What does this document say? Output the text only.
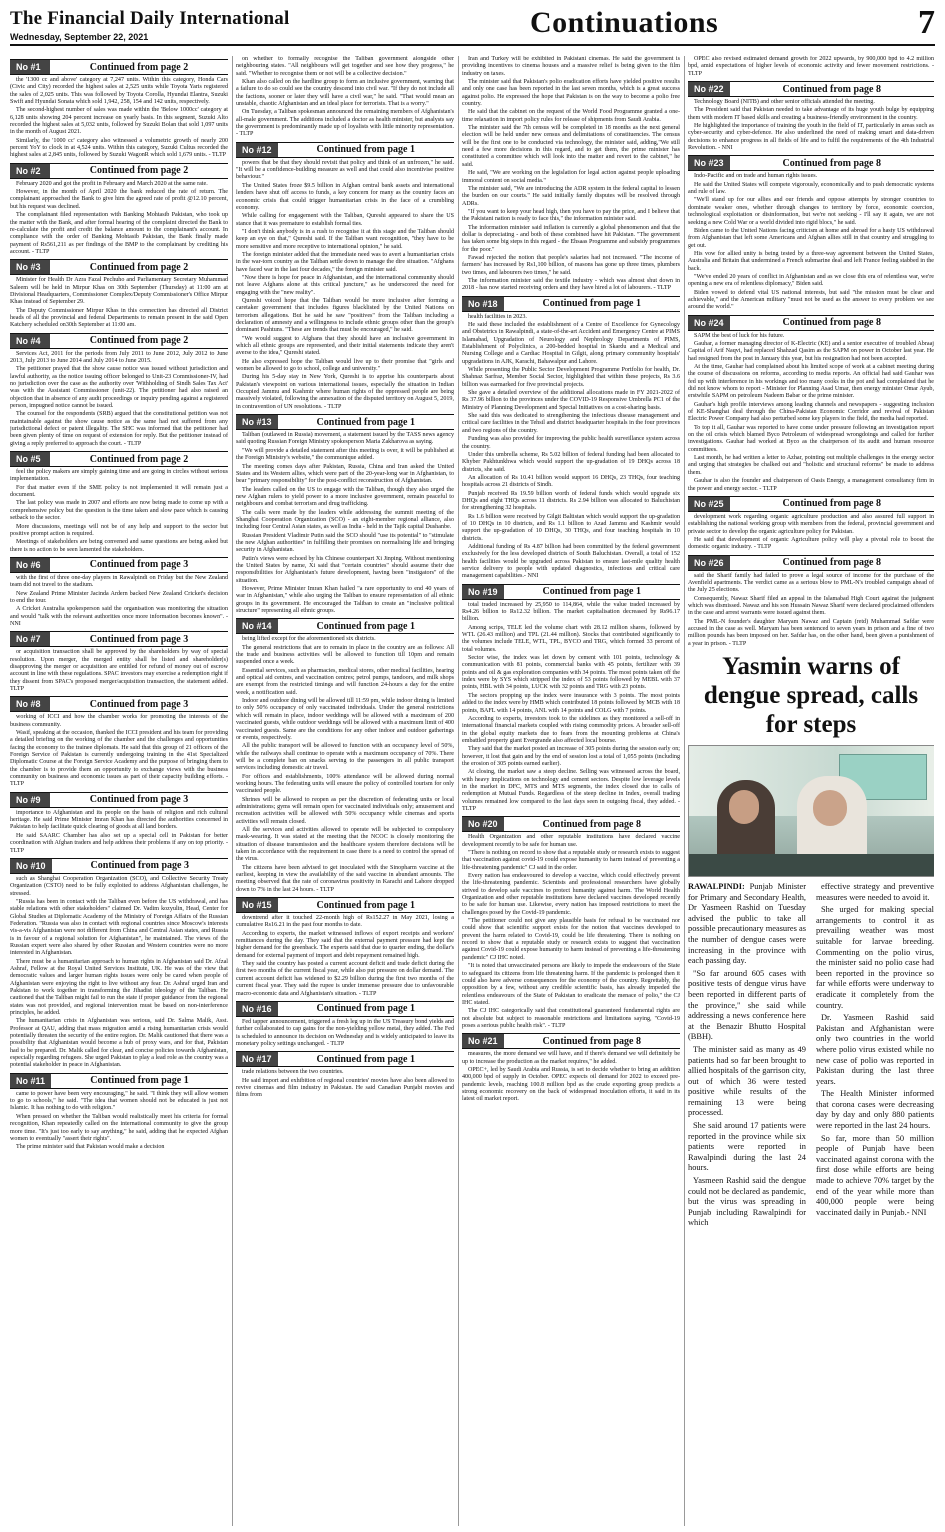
The Financial Daily International
Wednesday, September 22, 2021	Continuations	7
No #1	Continued from page 2

the '1300 cc and above' category at 7,247 units. Within this category, Honda Cars (Civic and City) recorded the highest sales at 2,525 units while Toyota Yaris registered the sales of 2,025 units. This was followed by Toyota Corolla, Hyundai Elantra, Suzuki Swift and Hyundai Sonata which sold 1,942, 258, 154 and 142 units, respectively.

The second-highest number of sales was made within the 'Below 1000cc' category at 6,128 units showing 204 percent increase on yearly basis. In this segment, Suzuki Alto recorded the highest sales at 5,032 units, followed by Suzuki Bolan that sold 1,097 units in the month of August 2021.

Similarly, the '1000 cc' category also witnessed a volumetric growth of nearly 200 percent YoY to clock in at 4,524 units. Within this category, Suzuki Cultus recorded the highest sales at 2,845 units, followed by Suzuki WagonR which sold 1,679 units. - TLTP

No #2	Continued from page 2

February 2020 and got the profit in February and March 2020 at the same rate.

However, in the month of April 2020 the bank reduced the rate of return. The complainant approached the Bank to give him the agreed rate of profit @12.10 percent, but his request was declined.

The complainant filed representation with Banking Mohtasib Pakistan, who took up the matter with the Bank, and after formal hearing of the complaint directed the Bank to re-calculate the profit and credit the balance amount to the complainant's account. In compliance with the order of Banking Mohtasib Pakistan, the Bank finally made payment of Rs561,211 as per findings of the BMP to the complainant by crediting his account. - TLTP

No #3	Continued from page 2

Minister for Health Dr Azra Fazal Pechuho and Parliamentary Secretary Muhammad Saleem will be held in Mirpur Khas on 30th September (Thursday) at 11:00 am at Divisional Headquarters, Commissioner Complex/Deputy Commissioner's Office Mirpur Khas instead of September 29.

The Deputy Commissioner Mirpur Khas in this connection has directed all District heads of all the provincial and federal Departments to remain present in the said Open Katchery scheduled on30th September at 11:00 am.

No #4	Continued from page 2

Services Act, 2011 for the periods from July 2011 to June 2012, July 2012 to June 2013, July 2013 to June 2014 and July 2014 to June 2015.

The petitioner prayed that the show cause notice was issued without jurisdiction and lawful authority, as the notice issuing officer belonged to Unit-23 Commissioner-IV, had no jurisdiction over the case as the authority over 'Withholding of Sindh Sales Tax Act' was with the Assistant Commissioner (unit-22). The petitioner had also raised an objection that in absence of any audit proceedings or inquiry pending against a registered person, impugned notice cannot be issued.

The counsel for the respondents (SRB) argued that the constitutional petition was not maintainable against the show cause notice as the same had not suffered from any jurisdictional defect or patent illegality. The SHC was informed that the petitioner had been given plenty of time on request of extension for reply. But the petitioner instead of giving a reply preferred to approach the court. - TLTP

No #5	Continued from page 2

feel the policy makers are simply gaining time and are going in circles without serious implementation.

For that matter even if the SME policy is not implemented it will remain just a document.

The last policy was made in 2007 and efforts are now being made to come up with a comprehensive policy but the question is the time taken and slow pace which is causing setback to the sector.

More discussions, meetings will not be of any help and support to the sector but positive prompt action is required.

Meetings of stakeholders are being convened and same questions are being asked but there is no action to be seen lamented the stakeholders.

No #6	Continued from page 3

with the first of three one-day players in Rawalpindi on Friday but the New Zealand team did not travel to the stadium.

New Zealand Prime Minister Jacinda Ardern backed New Zealand Cricket's decision to end the tour.

A Cricket Australia spokesperson said the organisation was monitoring the situation and would "talk with the relevant authorities once more information becomes known". - NNI

No #7	Continued from page 3

or acquisition transaction shall be approved by the shareholders by way of special resolution. Upon merger, the merged entity shall be listed and shareholder(s) disapproving the merger or acquisition are entitled for refund of money out of escrow account in line with these regulations. SPAC investors may exercise a redemption right if they dissent from SPAC's proposed merger/acquisition transaction, the statement added. TLTP

No #8	Continued from page 3

working of ICCI and how the chamber works for promoting the interests of the business community.

Wasif, speaking at the occasion, thanked the ICCI president and his team for providing a detailed briefing on the working of the chamber and the challenges and opportunities facing the economy to the trainee diplomats. He said that this group of 21 officers of the Foreign Service of Pakistan is currently undergoing training in the 41st Specialized Diplomatic Course at the Foreign Service Academy and the purpose of bringing them to the chamber is to provide them an opportunity to exchange views with the business community on business and economic issues as part of their capacity building efforts. - TLTP

No #9	Continued from page 3

importance to Afghanistan and its people on the basis of religion and rich cultural heritage. He said Prime Minister Imran Khan has directed the authorities concerned in Pakistan to help facilitate quick clearing of goods at all land borders.

He said SAARC Chamber has also set up a special cell in Pakistan for better coordination with Afghan traders and help address their problems if any on top priority. - TLTP

No #10	Continued from page 3

such as Shanghai Cooperation Organization (SCO), and Collective Security Treaty Organization (CSTO) need to be fully exploited to address Afghanistan challenges, he stressed.

"Russia has been in contact with the Taliban even before the US withdrawal, and has stable relations with other stakeholders" claimed Dr. Vadim kozyulin, Head, Center for Global Studies at Diplomatic Academy of the Ministry of Foreign Affairs of the Russian Federation. "Russia was also in contact with regional countries since Moscow's interests vis-a-vis Afghanistan were not different from China and Central Asian states, and Russia is in favour of a regional solution for Afghanistan", he maintained. The views of the Russian expert were also shared by other Russian and Western countries were no more interested in Afghanistan.

There must be a humanitarian approach to human rights in Afghanistan said Dr. Afzal Ashraf, Fellow at the Royal United Services Institute, UK. He was of the view that democratic values and larger human rights issues were only be cared when people of Afghanistan were enjoying the right to live without any fear. Dr. Ashraf urged Iran and Pakistan to work together in transforming the Jihadist ideology of the Taliban. He cautioned that the Taliban might fail to run the state if proper guidance from the regional states was not provided, and regional intervention must be based on non-interference principles, he added.

The humanitarian crisis in Afghanistan was serious, said Dr. Salma Malik, Asst. Professor at QAU, adding that mass migration amid a rising humanitarian crisis would potentially threaten the security of the entire region. Dr. Malik cautioned that there was a possibility that Afghanistan would become a hub of proxy wars, and for that, Pakistan had to be prepared. Dr. Malik called for clear, and concise policies towards Afghanistan, especially regarding refugees. She urged Pakistan to play a lead role as the country was a potential stakeholder in peace in Afghanistan.

No #11	Continued from page 1

came to power have been very encouraging," he said. "I think they will allow women to go to schools," he said. "The idea that women should not be educated is just not Islamic. It has nothing to do with religion."

When pressed on whether the Taliban would realistically meet his criteria for formal recognition, Khan repeatedly called on the international community to give the group more time. "It's just too early to say anything," he said, adding that he expected Afghan women to eventually "assert their rights".

The prime minister said that Pakistan would make a decision

on whether to formally recognise the Taliban government alongside other neighbouring states. "All neighbours will get together and see how they progress," he said. "Whether to recognise them or not will be a collective decision."

Khan also called on the hardline group to form an inclusive government, warning that a failure to do so could see the country descend into civil war. "If they do not include all the factions, sooner or later they will have a civil war," he said. "That would mean an unstable, chaotic Afghanistan and an ideal place for terrorists. That is a worry."

On Tuesday, a Taliban spokesman announced the remaining members of Afghanistan's all-male government. The additions included a doctor as health minister, but analysts say the government is predominantly made up of loyalists with little minority representation. - TLTP

No #12	Continued from page 1

powers that be that they should revisit that policy and think of an unfrozen," he said. "It will be a confidence-building measure as well and that could also incentivise positive behaviour."

The United States froze $9.5 billion in Afghan central bank assets and international lenders have shut off access to funds, a key concern for many as the country faces an economic crisis that could trigger humanitarian crisis in the face of a crumbling economy.

While calling for engagement with the Taliban, Qureshi appeared to share the US stance that it was premature to establish formal ties.

"I don't think anybody is in a rush to recognise it at this stage and the Taliban should keep an eye on that," Qureshi said. If the Taliban want recognition, "they have to be more sensitive and more receptive to international opinion," he said.

The foreign minister added that the immediate need was to avert a humanitarian crisis in the war-torn country as the Taliban settle down to manage the dire situation. "Afghans have faced war in the last four decades," the foreign minister said.

"Now there is hope for peace in Afghanistan, and the international community should not leave Afghans alone at this critical juncture," as he underscored the need for engaging with the "new reality".

Qureshi voiced hope that the Taliban would be more inclusive after forming a caretaker government that includes figures blacklisted by the United Nations on terrorism allegations. But he said he saw "positives" from the Taliban including a declaration of amnesty and a willingness to include ethnic groups other than the group's dominant Pashtuns. "These are trends that must be encouraged," he said.

"We would suggest to Afghans that they should have an inclusive government in which all ethnic groups are represented, and their initial statements indicate they aren't averse to the idea," Qureshi stated.

He also expressed hope the Taliban would live up to their promise that "girls and women be allowed to go to school, college and university."

During his 5-day stay in New York, Qureshi is to apprise his counterparts about Pakistan's viewpoint on various international issues, especially the situation in Indian Occupied Jammu and Kashmir where human rights of the oppressed people are being massively violated, following the annexation of the disputed territory on August 5, 2019, in contravention of UN resolutions. - TLTP

No #13	Continued from page 1

Taliban (outlawed in Russia) movement, a statement issued by the TASS news agency said quoting Russian Foreign Ministry spokesperson Maria Zakharova as saying.

"We will provide a detailed statement after this meeting is over, it will be published at the Foreign Ministry's website," the communique added.

The meeting comes days after Pakistan, Russia, China and Iran asked the United States and its Western allies, which were part of the 20-year-long war in Afghanistan, to bear "primary responsibility" for the post-conflict reconstruction of Afghanistan.

The leaders called on the US to engage with the Taliban, though they also urged the new Afghan rulers to yield power to a more inclusive government, remain peaceful to neighbours and combat terrorism and drug trafficking.

The calls were made by the leaders while addressing the summit meeting of the Shanghai Cooperation Organization (SCO) - an eight-member regional alliance, also including four Central Asian states, as well as India - held in the Tajik capital Dushanbe.

Russian President Vladimir Putin said the SCO should "use its potential" to "stimulate the new Afghan authorities" in fulfilling their promises on normalising life and bringing security in Afghanistan.

Putin's views were echoed by his Chinese counterpart Xi Jinping. Without mentioning the United States by name, Xi said that "certain countries" should assume their due responsibilities for Afghanistan's future development, having been "instigators" of the situation.

However, Prime Minister Imran Khan hailed "a rare opportunity to end 40 years of war in Afghanistan," while also urging the Taliban to ensure representation of all ethnic groups in its government. He encouraged the Taliban to create an "inclusive political structure" representing all ethnic groups.

No #14	Continued from page 1

being lifted except for the aforementioned six districts.

The general restrictions that are to remain in place in the country are as follows: All the trade and business activities will be allowed to function till 10pm and remain suspended once a week.

Essential services, such as pharmacies, medical stores, other medical facilities, hearing and optical aid centres, and vaccination centres; petrol pumps, tandoors, and milk shops are exempt from the restricted timings and will function 24-hours a day for the entire week, a notification said.

Indoor and outdoor dining will be allowed till 11:59 pm, while indoor dining is limited to only 50% occupancy of only vaccinated individuals. Under the general restrictions which will remain in place, indoor weddings will be allowed with a maximum of 200 vaccinated guests, while outdoor weddings will be allowed with a maximum limit of 400 vaccinated guests. Same are the conditions for any other indoor and outdoor gatherings or events, respectively.

All the public transport will be allowed to function with an occupancy level of 50%, while the railways shall continue to operate with a maximum occupancy of 70%. There will be a complete ban on snacks serving to the passengers in all public transport services including domestic air travel.

For offices and establishments, 100% attendance will be allowed during normal working hours. The federating units will ensure the policy of controlled tourism for only vaccinated people.

Shrines will be allowed to reopen as per the discretion of federating units or local administrations; gyms will remain open for vaccinated individuals only; amusement and recreation activities will be allowed with 50% occupancy while cinemas and sports activities will remain closed.

All the services and activities allowed to operate will be subjected to compulsory mask-wearing. It was stated at the meeting that the NCOC is closely monitoring the situation of disease transmission and the healthcare system therefore decisions will be taken in accordance with the requirement in case there is a need to control the spread of the virus.

The citizens have been advised to get inoculated with the Sinopharm vaccine at the earliest, keeping in view the availability of the said vaccine in abundant amounts. The meeting observed that the rate of coronavirus positivity in Karachi and Lahore dropped down to 7% in the last 24 hours. - TLTP

No #15	Continued from page 1

downtrend after it touched 22-month high of Rs152.27 in May 2021, losing a cumulative Rs16.21 in the past four months to date.

According to experts, the market witnessed inflows of export receipts and workers' remittances during the day. They said that the external payment pressure had kept the higher demand for the greenback. The experts said that due to quarter ending, the dollar's demand for external payment of import and debt repayment remained high.

They said the country has posted a current account deficit and trade deficit during the first two months of the current fiscal year, while also put pressure on dollar demand. The current account deficit has widened to $2.29 billion during the first two months of the current fiscal year. They said the rupee is under immense pressure due to unfavourable macro-economic data and Afghanistan's situation. - TLTP

No #16	Continued from page 1

Fed tapper announcement, triggered a fresh leg up in the US Treasury bond yields and further collaborated to cap gains for the non-yielding yellow metal, they added. The Fed is scheduled to announce its decision on Wednesday and is widely anticipated to leave its monetary policy settings unchanged. - TLTP

No #17	Continued from page 1

trade relations between the two countries.

He said import and exhibition of regional countries' movies have also been allowed to revive cinemas and film industry in Pakistan. He said Canadian Punjabi movies and films from

Iran and Turkey will be exhibited in Pakistani cinemas. He said the government is providing incentives to cinema houses and a massive relief is being given to the film industry on taxes.

The minister said that Pakistan's polio eradication efforts have yielded positive results and only one case has been reported in the last seven months, which is a great success against polio. He expressed the hope that Pakistan is on the way to become a polio free country.

He said that the cabinet on the request of the World Food Programme granted a one-time relaxation in import policy rules for release of shipments from Saudi Arabia.

The minister said the 7th census will be completed in 18 months as the next general election will be held under new census and delimitations of constituencies. The census will be the first one to be conducted via technology, the minister said, adding,"We still need a few more decisions in this regard, and to get them, the prime minister has constituted a committee which will look into the matter and revert to the cabinet," he said.

He said, "We are working on the legislation for legal action against people uploading immoral content on social media."

The minister said, "We are introducing the ADR system in the federal capital to lessen the burden on our courts." He said initially family disputes will be resolved through ADRs.

"If you want to keep your head high, then you have to pay the price, and I believe that the Pakistani nation is ready to face this," the information minister said.

The information minister said inflation is currently a global phenomenon and that the dollar is depreciating - and both of these combined have hit Pakistan. "The government has taken some big steps in this regard - the Ehsaas Programme and subsidy programmes for the poor."

Fawad rejected the notion that people's salaries had not increased. "The income of farmers' has increased by Rs1,100 billion, of masons has gone up three times, plumbers two times, and labourers two times," he said.

The information minister said the textile industry - which was almost shut down in 2018 - has now started receiving orders and they have hired a lot of labourers. - TLTP

No #18	Continued from page 1

health facilities in 2023.

He said these included the establishment of a Centre of Excellence for Gynecology and Obstetrics in Rawalpindi, a state-of-the-art Accident and Emergency Centre at PIMS Islamabad, Upgradation of Neurology and Nephrology Departments of PIMS, Establishment of Polyclinics, a 200-bedded hospital in Skardu and a Medical and Nursing College and a Cardiac Hospital in Gilgit, along primary community hospitals' upgradations in AJK, Karachi, Bahawalpur and Lahore.

While presenting the Public Sector Development Programme Portfolio for health, Dr. Shahnaz Sarfraz, Member Social Sector, highlighted that within these projects, Rs 3.6 billion was earmarked for five provincial projects.

She gave a detailed overview of the additional allocations made in FY 2021-2022 of Rs 37.96 billion to the provinces under the COVID-19 Responsive Umbrella PC1 of the Ministry of Planning Development and Special Initiatives on a cost-sharing basis.

She said this was dedicated to strengthening the infectious disease management and critical care facilities in the Tehsil and district headquarter hospitals in the four provinces and two regions of the country.

Funding was also provided for improving the public health surveillance system across the country.

Under this umbrella scheme, Rs 5.02 billion of federal funding had been allocated to Khyber Pakhtunkhwa which would support the up-gradation of 19 DHQs across 18 districts, she said.

An allocation of Rs 10.41 billion would support 16 DHQs, 23 THQs, four teaching hospitals across 21 districts of Sindh.

Punjab received Rs 19.59 billion worth of federal funds which would upgrade six DHQs and eight THQs across 11 districts. Rs 2.94 billion was allocated to Baluchistan for strengthening 32 hospitals.

Rs 1.6 billion were received by Gilgit Baltistan which would support the up-gradation of 10 DHQs in 10 districts, and Rs 1.1 billion to Azad Jammu and Kashmir would support the up-gradation of 10 DHQs, 30 THQs, and four teaching hospitals in 10 districts.

Additional funding of Rs 4.87 billion had been committed by the federal government exclusively for the less developed districts of South Baluchistan. Overall, a total of 152 health facilities would be upgraded across Pakistan to ensure last-mile quality health service delivery to people with updated diagnostics, infectious and critical care management capabilities.- NNI

No #19	Continued from page 1

total traded increased by 25,950 to 114,864, while the value traded increased by Rs4.26 billion to Rs12.32 billion. The market capitalisation decreased by Rs96.17 billion.

Among scrips, TELE led the volume chart with 28.12 million shares, followed by WTL (26.43 million) and TPL (21.44 million). Stocks that contributed significantly to the volumes include TELE, WTL, TPL, BYCO and TRG, which formed 33 percent of total volumes.

Sector wise, the index was let down by cement with 101 points, technology & communication with 81 points, commercial banks with 45 points, fertilizer with 39 points and oil & gas exploration companies with 34 points. The most points taken off the index were by SYS which stripped the index of 53 points followed by MEBL with 37 points, HBL with 34 points, LUCK with 32 points and TRG with 23 points.

The sectors propping up the index were insurance with 3 points. The most points added to the index were by HMB which contributed 18 points followed by MCB with 18 points, BAFL with 14 points, ANL with 14 points and COLG with 7 points.

According to experts, investors took to the sidelines as they monitored a sell-off in international financial markets coupled with rising commodity prices. A broader sell-off in the global equity markets due to fears from the mounting problems at China's embattled property giant Evergrande also affected local bourse.

They said that the market posted an increase of 305 points during the session early on; however, it lost that gain and by the end of session lost a total of 1,055 points (including the erosion of 305 points earned earlier).

At closing, the market saw a steep decline. Selling was witnessed across the board, with heavy implications on technology and cement sectors. Despite low leverage levels in the market in DFC, MTS and MTS segments, the index closed due to calls of redemption at Mutual Funds. Regardless of the steep decline in Index, overall trading volumes remained low compared to the last days seen in outgoing fiscal, they added. - TLTP

No #20	Continued from page 8

Health Organization and other reputable institutions have declared vaccine development recently to be safe for human use.

"There is nothing on record to show that a reputable study or research exists to suggest that vaccination against covid-19 could expose humanity to harm instead of preventing a life-threatening pandemic" CJ said in the order.

Every nation has endeavoured to develop a vaccine, which could effectively prevent the life-threatening pandemic. Scientists and professional researchers have globally strived to develop safe vaccines to protect humanity against harm. The World Health Organization and other reputable institutions have declared vaccines developed recently to be safe for human use. Likewise, every nation has imposed restrictions to meet the challenges posed by the Covid-19 pandemic.

"The petitioner could not give any plausible basis for refusal to be vaccinated nor could show that scientific support exists for the notion that vaccines developed to prevent the harm related to Covid-19, could be life threatening. There is nothing on record to show that a reputable study or research exists to suggest that vaccination against Covid-19 could expose humanity to harm instead of preventing a life-threatening pandemic" CJ IHC noted.

"It is noted that unvaccinated persons are likely to impede the endeavours of the State to safeguard its citizens from life threatening harm. If the pandemic is prolonged then it could also have adverse consequences for the economy of the country. Regrettably, the opposition by a few, without any credible scientific basis, has already impeded the relentless endeavours of the State of Pakistan to eradicate the menace of polio," the CJ IHC stated.

The CJ IHC categorically said that constitutional guaranteed fundamental rights are not absolute but subject to reasonable restrictions and limitations saying, "Covid-19 poses a serious public health risk". - TLTP

No #21	Continued from page 8

measures, the more demand we will have, and if there's demand we will definitely be up to increase the production as the market requires," he added.

OPEC+, led by Saudi Arabia and Russia, is set to decide whether to bring an addition 400,000 bpd of supply in October. OPEC expects oil demand for 2022 to exceed pre-pandemic levels, reaching 100.8 million bpd as the crude exporting group predicts a strong economic recovery on the back of widespread inoculation efforts, it said in its latest oil market report.

OPEC also revised estimated demand growth for 2022 upwards, by 900,000 bpd to 4.2 million bpd, amid expectations of higher levels of economic activity and fewer movement restrictions. - TLTP

No #22	Continued from page 8

Technology Board (NITB) and other senior officials attended the meeting.

The President said that Pakistan needed to take advantage of its huge youth bulge by equipping them with modern IT based skills and creating a business-friendly environment in the country.

He highlighted the importance of training the youth in the field of IT, particularly in areas such as cyber-security and cyber-defence. He also underlined the need of making smart and data-driven decisions to enhance progress in all fields of life and to fulfil the requirements of the 4th Industrial Revolution. - NNI

No #23	Continued from page 8

Indo-Pacific and on trade and human rights issues.

He said the United States will compete vigorously, economically and to push democratic systems and rule of law.

"We'll stand up for our allies and our friends and oppose attempts by stronger countries to dominate weaker ones, whether through changes to territory by force, economic coercion, technological exploitation or disinformation, but we're not seeking - I'll say it again, we are not seeking a new Cold War or a world divided into rigid blocs," he said.

Biden came to the United Nations facing criticism at home and abroad for a hasty US withdrawal from Afghanistan that left some Americans and Afghan allies still in that country and struggling to get out.

His vow for allied unity is being tested by a three-way agreement between the United States, Australia and Britain that undermined a French submarine deal and left France feeling stabbed in the back.

"We've ended 20 years of conflict in Afghanistan and as we close this era of relentless war, we're opening a new era of relentless diplomacy," Biden said.

Biden vowed to defend vital US national interests, but said "the mission must be clear and achievable," and the American military "must not be used as the answer to every problem we see around the world."

No #24	Continued from page 8

SAPM the best of luck for his future.

Gauhar, a former managing director of K-Electric (KE) and a senior executive of troubled Abraaj Capital of Arif Naqvi, had replaced Shahzad Qasim as the SAPM on power in October last year. He had resigned from the post in January this year, but his resignation had not been accepted.

At the time, Gauhar had complained about his limited scope of work at a cabinet meeting during the course of discussions on reforms, according to media reports. An official had said Gauhar was fed up with interference in his workings and too many cooks in the pot and had complained that he did not know whom to report - Minister for Planning Asad Umar, then energy minister Omar Ayub, erstwhile SAPM on petroleum Nadeem Babar or the prime minister.

Gauhar's high profile interviews among leading channels and newspapers - suggesting inclusion of KE-Shanghai deal through the China-Pakistan Economic Corridor and revival of Pakistan Electric Power Company had also perturbed some key players in the field, the media had reported.

To top it all, Gauhar was reported to have come under pressure following an investigation report on the oil crisis which blamed Byco Petroleum of widespread wrongdoings and called for further investigations. Gauhar had worked at Byco as the chairperson of its audit and human resource committees.

Last month, he had written a letter to Azhar, pointing out multiple challenges in the energy sector and urging that strategies be chalked out and "holistic and structural reforms" be made to address them.

Gauhar is also the founder and chairperson of Oasis Energy, a management consultancy firm in the power and energy sector. - TLTP

No #25	Continued from page 8

development work regarding organic agriculture production and also assured full support in establishing the national working group with members from the federal, provincial government and private sector to develop the organic agriculture policy for Pakistan.

He said that development of organic Agriculture policy will play a pivotal role to boost the domestic organic industry. - TLTP

No #26	Continued from page 8

said the Sharif family had failed to prove a legal source of income for the purchase of the Avenfield apartments. The verdict came as a serious blow to PML-N's troubled campaign ahead of the July 25 elections.

Consequently, Nawaz Sharif filed an appeal in the Islamabad High Court against the judgment which was dismissed. Nawaz and his son Hussain Nawaz Sharif were declared proclaimed offenders in the case and arrest warrants were issued against them.

The PML-N founder's daughter Maryam Nawaz and Captain (retd) Muhammad Safdar were accused in the case as well. Maryam has been sentenced to seven years in prison and a fine of two million pounds has been imposed on her. Safdar has, on the other hand, been given a punishment of a year in prison. - TLTP

Yasmin warns of dengue spread, calls for steps

RAWALPINDI: Punjab Minister for Primary and Secondary Health, Dr Yasmeen Rashid on Tuesday advised the public to take all possible precautionary measures as the number of dengue cases were increasing in the province with each passing day.

"So far around 605 cases with positive tests of dengue virus have been reported in different parts of the province," she said while addressing a news conference here at the Benazir Bhutto Hospital (BBH).

The minister said as many as 49 patients had so far been brought to allied hospitals of the garrison city, out of which 36 were tested positive while results of the remaining 13 were being processed.

She said around 17 patients were reported in the province while six patients were reported in Rawalpindi during the last 24 hours.

Yasmeen Rashid said the dengue could not be declared as pandemic, but the virus was spreading in Punjab including Rawalpindi for which

effective strategy and preventive measures were needed to avoid it.

She urged for making special arrangements to control it as prevailing weather was most suitable for larvae breeding. Commenting on the polio virus, the minister said no polio case had been reported in the province so far while efforts were underway to eradicate it completely from the country.

Dr. Yasmeen Rashid said Pakistan and Afghanistan were only two countries in the world where polio virus existed while no new case of polio was reported in Pakistan during the last three years.

The Health Minister informed that corona cases were decreasing day by day and only 880 patients were reported in the last 24 hours.

So far, more than 50 million people of Punjab have been vaccinated against corona with the first dose while efforts are being made to achieve 70% target by the end of the year while more than 400,000 people were being vaccinated daily in Punjab.- NNI
